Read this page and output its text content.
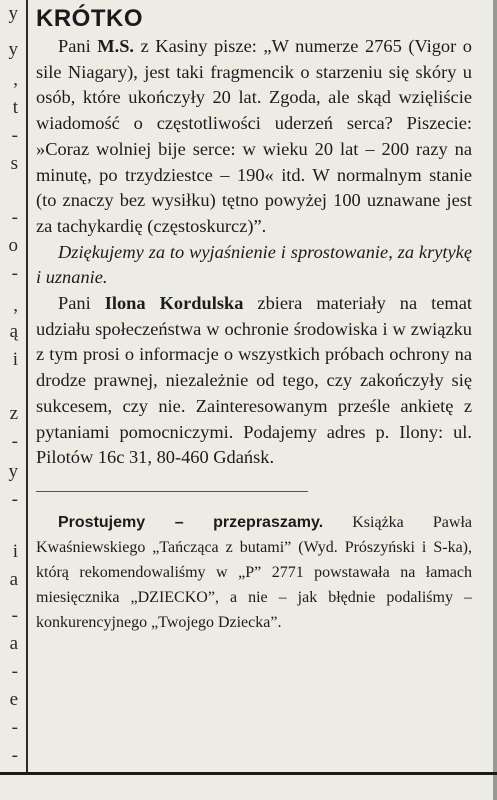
y
y
,
t
-
s
-
o
-
,
ą
i
z
-
y
-
i
a
-
a
-
e
-
-
KRÓTKO

Pani M.S. z Kasiny pisze: „W numerze 2765 (Vigor o sile Niagary), jest taki fragmencik o starzeniu się skóry u osób, które ukończyły 20 lat. Zgoda, ale skąd wzięliście wiadomość o częstotliwości uderzeń serca? Piszecie: »Coraz wolniej bije serce: w wieku 20 lat – 200 razy na minutę, po trzydziestce – 190« itd. W normalnym stanie (to znaczy bez wysiłku) tętno powyżej 100 uznawane jest za tachykardię (częstoskurcz)”.

Dziękujemy za to wyjaśnienie i sprostowanie, za krytykę i uznanie.

Pani Ilona Kordulska zbiera materiały na temat udziału społeczeństwa w ochronie środowiska i w związku z tym prosi o informacje o wszystkich próbach ochrony na drodze prawnej, niezależnie od tego, czy zakończyły się sukcesem, czy nie. Zainteresowanym prześle ankietę z pytaniami pomocniczymi. Podajemy adres p. Ilony: ul. Pilotów 16c 31, 80-460 Gdańsk.

Prostujemy – przepraszamy. Książka Pawła Kwaśniewskiego „Tańcząca z butami” (Wyd. Prószyński i S-ka), którą rekomendowaliśmy w „P” 2771 powstawała na łamach miesięcznika „DZIECKO”, a nie – jak błędnie podaliśmy – konkurencyjnego „Twojego Dziecka”.
